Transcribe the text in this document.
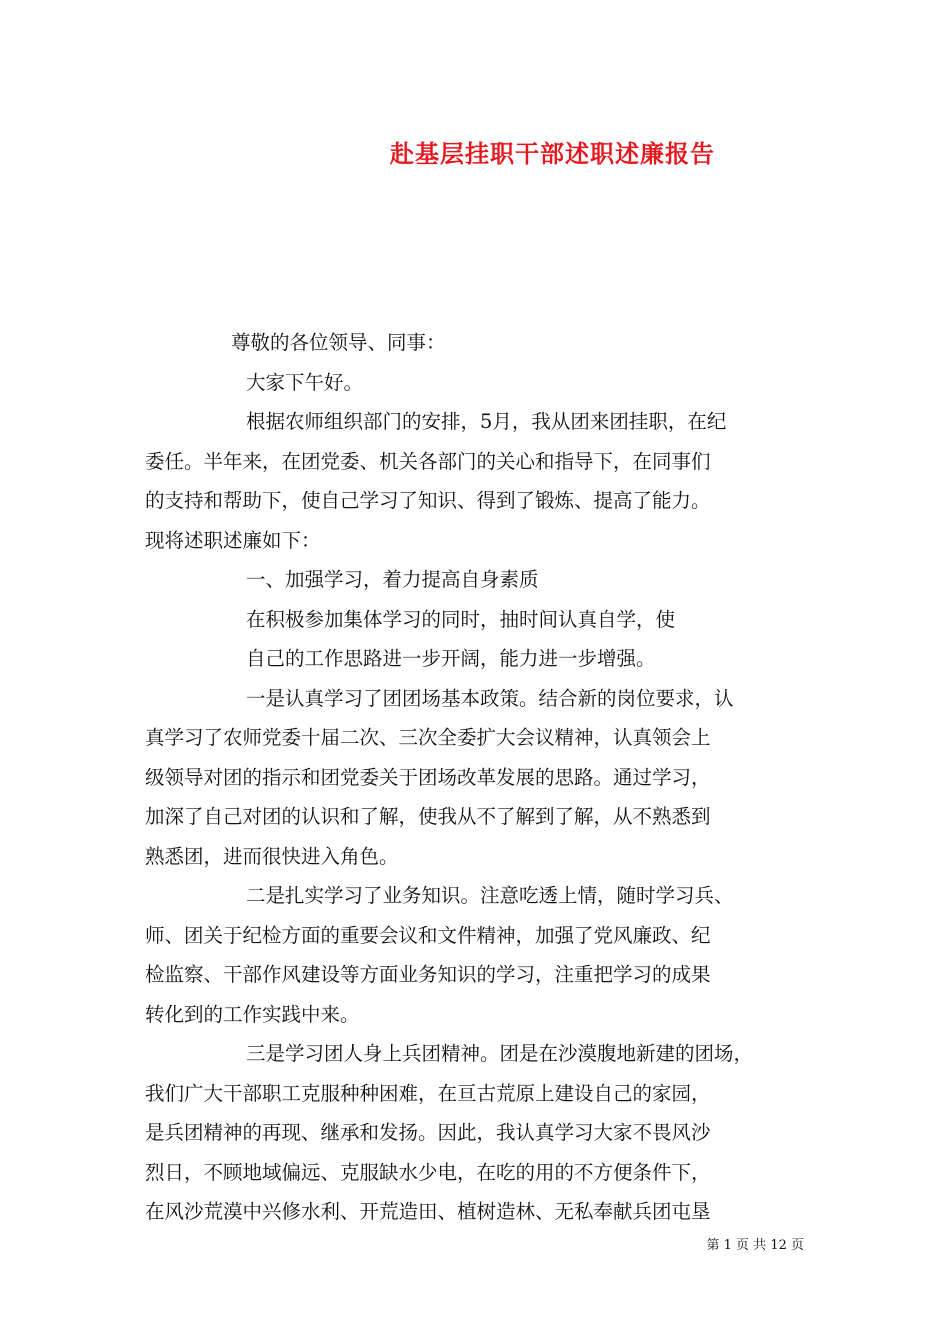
赴基层挂职干部述职述廉报告
尊敬的各位领导、同事：
大家下午好。
根据农师组织部门的安排，5月，我从团来团挂职，在纪
委任。半年来，在团党委、机关各部门的关心和指导下，在同事们
的支持和帮助下，使自己学习了知识、得到了锻炼、提高了能力。
现将述职述廉如下：
一、加强学习，着力提高自身素质
在积极参加集体学习的同时，抽时间认真自学，使
自己的工作思路进一步开阔，能力进一步增强。
一是认真学习了团团场基本政策。结合新的岗位要求，认
真学习了农师党委十届二次、三次全委扩大会议精神，认真领会上
级领导对团的指示和团党委关于团场改革发展的思路。通过学习，
加深了自己对团的认识和了解，使我从不了解到了解，从不熟悉到
熟悉团，进而很快进入角色。
二是扎实学习了业务知识。注意吃透上情，随时学习兵、
师、团关于纪检方面的重要会议和文件精神，加强了党风廉政、纪
检监察、干部作风建设等方面业务知识的学习，注重把学习的成果
转化到的工作实践中来。
三是学习团人身上兵团精神。团是在沙漠腹地新建的团场，
我们广大干部职工克服种种困难，在亘古荒原上建设自己的家园，
是兵团精神的再现、继承和发扬。因此，我认真学习大家不畏风沙
烈日，不顾地域偏远、克服缺水少电，在吃的用的不方便条件下，
在风沙荒漠中兴修水利、开荒造田、植树造林、无私奉献兵团屯垦
第 1 页 共 12 页
